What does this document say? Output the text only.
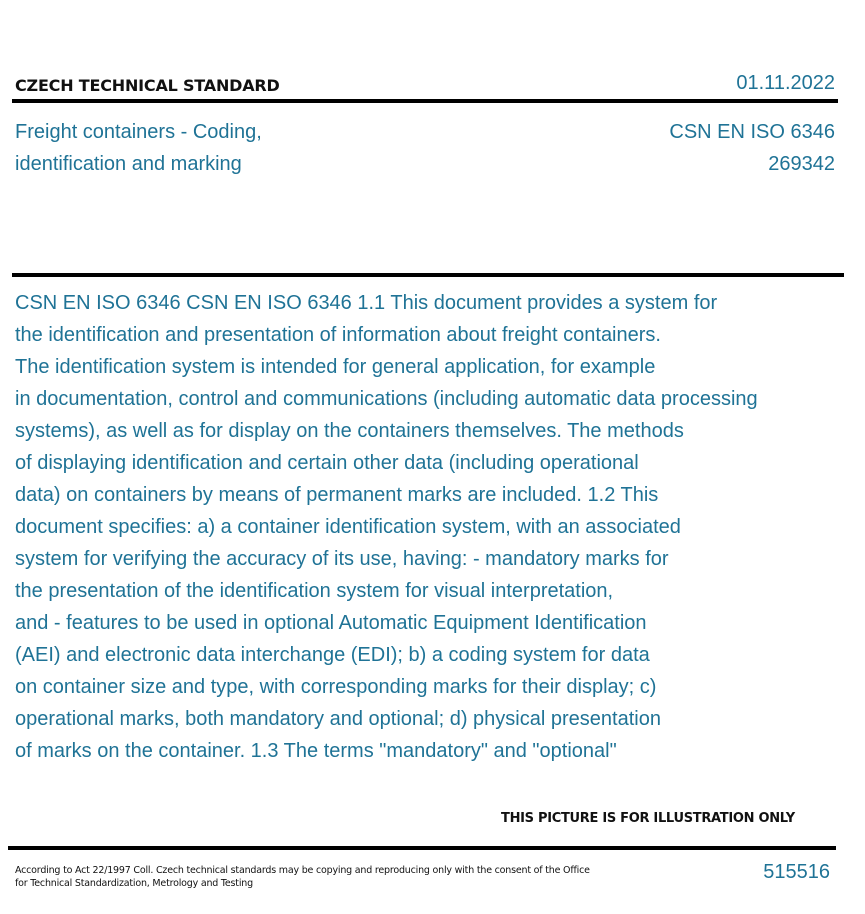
CZECH TECHNICAL STANDARD	01.11.2022
Freight containers - Coding,
identification and marking
CSN EN ISO 6346
269342
CSN EN ISO 6346 CSN EN ISO 6346 1.1 This document provides a system for
the identification and presentation of information about freight containers.
The identification system is intended for general application, for example
in documentation, control and communications (including automatic data processing
systems), as well as for display on the containers themselves. The methods
of displaying identification and certain other data (including operational
data) on containers by means of permanent marks are included. 1.2 This
document specifies: a) a container identification system, with an associated
system for verifying the accuracy of its use, having: - mandatory marks for
the presentation of the identification system for visual interpretation,
and - features to be used in optional Automatic Equipment Identification
(AEI) and electronic data interchange (EDI); b) a coding system for data
on container size and type, with corresponding marks for their display; c)
operational marks, both mandatory and optional; d) physical presentation
of marks on the container. 1.3 The terms "mandatory" and "optional"
THIS PICTURE IS FOR ILLUSTRATION ONLY
According to Act 22/1997 Coll. Czech technical standards may be copying and reproducing only with the consent of the Office
for Technical Standardization, Metrology and Testing
515516
